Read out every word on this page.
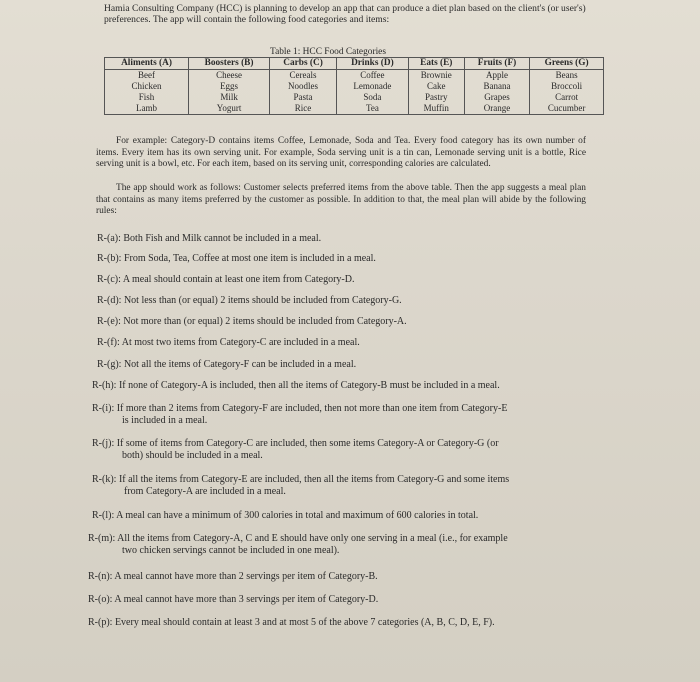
Hamia Consulting Company (HCC) is planning to develop an app that can produce a diet plan based on the client's (or user's) preferences. The app will contain the following food categories and items:
Table 1: HCC Food Categories
Aliments (A)	Boosters (B)	Carbs (C)	Drinks (D)	Eats (E)	Fruits (F)	Greens (G)
Beef	Cheese	Cereals	Coffee	Brownie	Apple	Beans
Chicken	Eggs	Noodles	Lemonade	Cake	Banana	Broccoli
Fish	Milk	Pasta	Soda	Pastry	Grapes	Carrot
Lamb	Yogurt	Rice	Tea	Muffin	Orange	Cucumber
For example: Category-D contains items Coffee, Lemonade, Soda and Tea. Every food category has its own number of items. Every item has its own serving unit. For example, Soda serving unit is a tin can, Lemonade serving unit is a bottle, Rice serving unit is a bowl, etc. For each item, based on its serving unit, corresponding calories are calculated.
The app should work as follows: Customer selects preferred items from the above table. Then the app suggests a meal plan that contains as many items preferred by the customer as possible. In addition to that, the meal plan will abide by the following rules:
R-(a): Both Fish and Milk cannot be included in a meal.
R-(b): From Soda, Tea, Coffee at most one item is included in a meal.
R-(c): A meal should contain at least one item from Category-D.
R-(d): Not less than (or equal) 2 items should be included from Category-G.
R-(e): Not more than (or equal) 2 items should be included from Category-A.
R-(f): At most two items from Category-C are included in a meal.
R-(g): Not all the items of Category-F can be included in a meal.
R-(h): If none of Category-A is included, then all the items of Category-B must be included in a meal.
R-(i): If more than 2 items from Category-F are included, then not more than one item from Category-E
is included in a meal.
R-(j): If some of items from Category-C are included, then some items Category-A or Category-G (or
both) should be included in a meal.
R-(k): If all the items from Category-E are included, then all the items from Category-G and some items
from Category-A are included in a meal.
R-(l): A meal can have a minimum of 300 calories in total and maximum of 600 calories in total.
R-(m): All the items from Category-A, C and E should have only one serving in a meal (i.e., for example
two chicken servings cannot be included in one meal).
R-(n): A meal cannot have more than 2 servings per item of Category-B.
R-(o): A meal cannot have more than 3 servings per item of Category-D.
R-(p): Every meal should contain at least 3 and at most 5 of the above 7 categories (A, B, C, D, E, F).
